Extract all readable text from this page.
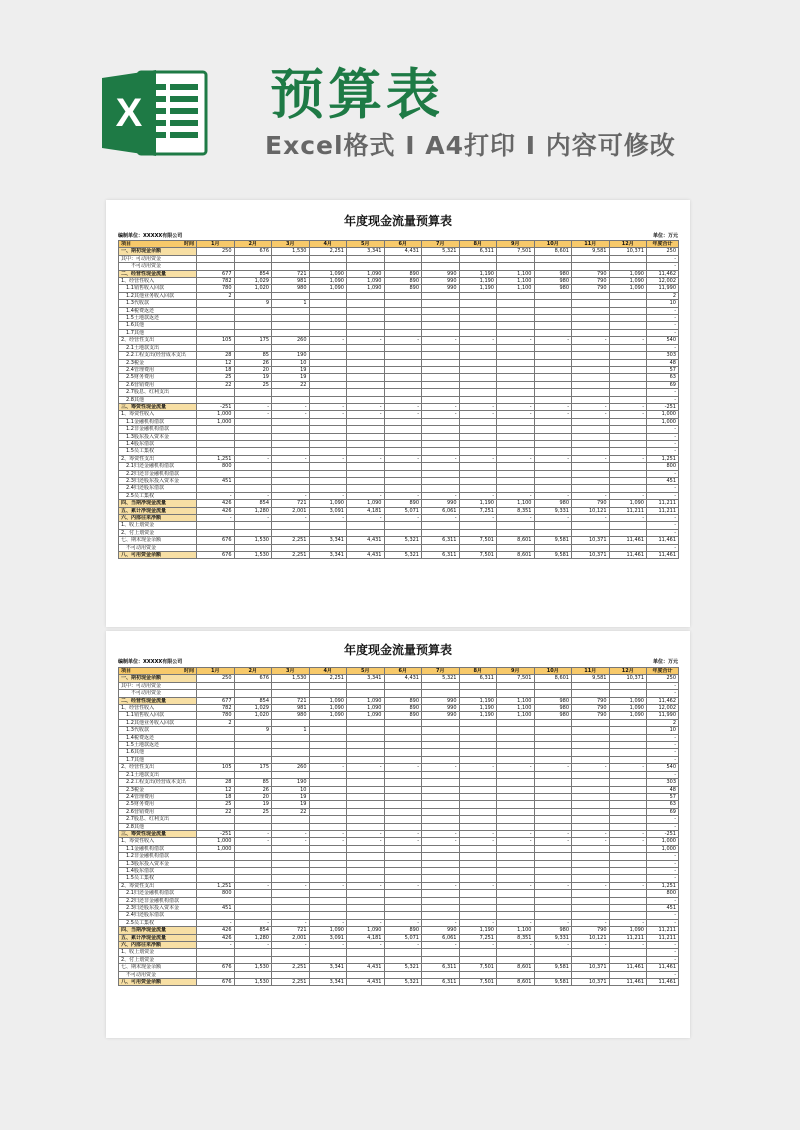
X 预算表
Excel格式 I A4打印 I 内容可修改
年度现金流量预算表
编制单位：XXXXX有限公司	单位：万元
项目 时间	1月	2月	3月	4月	5月	6月	7月	8月	9月	10月	11月	12月	年度合计
一、期初现金余额	250	676	1,530	2,251	3,341	4,431	5,321	6,311	7,501	8,601	9,581	10,371	250
其中：可动用资金													-
　　不可动用资金													-
二、经营性现金流量	677	854	721	1,090	1,090	890	990	1,190	1,100	980	790	1,090	11,462
1、经营性收入	782	1,029	981	1,090	1,090	890	990	1,190	1,100	980	790	1,090	12,002
　1.1销售收入回款	780	1,020	980	1,090	1,090	890	990	1,190	1,100	980	790	1,090	11,990
　1.2其他业务收入回款	2												2
　1.3代收款		9	1										10
　1.4税费返还													-
　1.5土地款返还													-
　1.6其他													-
　1.7其他													-
2、经营性支出	105	175	260	-	-	-	-	-	-	-	-	-	540
　2.1土地款支出													-
　2.2工程支出(经营成本支出	28	85	190										303
　2.3税金	12	26	10										48
　2.4管理费用	18	20	19										57
　2.5财务费用	25	19	19										63
　2.6营销费用	22	25	22										69
　2.7股息、红利支出													-
　2.8其他													-
三、筹资性现金流量	-251	-	-	-	-	-	-	-	-	-	-	-	-251
1、筹资性收入	1,000	-	-	-	-	-	-	-	-	-	-	-	1,000
　1.1金融机构借款	1,000												1,000
　1.2非金融机构借款													-
　1.3股东投入资本金													-
　1.4股东借款													-
　1.5员工集权													-
2、筹资性支出	1,251	-	-	-	-	-	-	-	-	-	-	-	1,251
　2.1归还金融机构借款	800												800
　2.2归还非金融机构借款													-
　2.3归还股东投入资本金	451												451
　2.4归还股东借款													-
　2.5员工集权	-	-	-	-	-	-	-	-	-	-	-	-	-
四、当期净现金流量	426	854	721	1,090	1,090	890	990	1,190	1,100	980	790	1,090	11,211
五、累计净现金流量	426	1,280	2,001	3,091	4,181	5,071	6,061	7,251	8,351	9,331	10,121	11,211	11,211
六、内部往来净额	-	-	-	-	-	-	-	-	-	-	-	-	-
1、收上划资金													-
2、付上划资金													-
七、期末现金余额	676	1,530	2,251	3,341	4,431	5,321	6,311	7,501	8,601	9,581	10,371	11,461	11,461
　不可动用资金													-
八、可用资金余额	676	1,530	2,251	3,341	4,431	5,321	6,311	7,501	8,601	9,581	10,371	11,461	11,461
年度现金流量预算表
编制单位：XXXXX有限公司	单位：万元
项目 时间	1月	2月	3月	4月	5月	6月	7月	8月	9月	10月	11月	12月	年度合计
一、期初现金余额	250	676	1,530	2,251	3,341	4,431	5,321	6,311	7,501	8,601	9,581	10,371	250
其中：可动用资金													-
　　不可动用资金													-
二、经营性现金流量	677	854	721	1,090	1,090	890	990	1,190	1,100	980	790	1,090	11,462
1、经营性收入	782	1,029	981	1,090	1,090	890	990	1,190	1,100	980	790	1,090	12,002
　1.1销售收入回款	780	1,020	980	1,090	1,090	890	990	1,190	1,100	980	790	1,090	11,990
　1.2其他业务收入回款	2												2
　1.3代收款		9	1										10
　1.4税费返还													-
　1.5土地款返还													-
　1.6其他													-
　1.7其他													-
2、经营性支出	105	175	260	-	-	-	-	-	-	-	-	-	540
　2.1土地款支出													-
　2.2工程支出(经营成本支出	28	85	190										303
　2.3税金	12	26	10										48
　2.4管理费用	18	20	19										57
　2.5财务费用	25	19	19										63
　2.6营销费用	22	25	22										69
　2.7股息、红利支出													-
　2.8其他													-
三、筹资性现金流量	-251	-	-	-	-	-	-	-	-	-	-	-	-251
1、筹资性收入	1,000	-	-	-	-	-	-	-	-	-	-	-	1,000
　1.1金融机构借款	1,000												1,000
　1.2非金融机构借款													-
　1.3股东投入资本金													-
　1.4股东借款													-
　1.5员工集权													-
2、筹资性支出	1,251	-	-	-	-	-	-	-	-	-	-	-	1,251
　2.1归还金融机构借款	800												800
　2.2归还非金融机构借款													-
　2.3归还股东投入资本金	451												451
　2.4归还股东借款													-
　2.5员工集权	-	-	-	-	-	-	-	-	-	-	-	-	-
四、当期净现金流量	426	854	721	1,090	1,090	890	990	1,190	1,100	980	790	1,090	11,211
五、累计净现金流量	426	1,280	2,001	3,091	4,181	5,071	6,061	7,251	8,351	9,331	10,121	11,211	11,211
六、内部往来净额	-	-	-	-	-	-	-	-	-	-	-	-	-
1、收上划资金													-
2、付上划资金													-
七、期末现金余额	676	1,530	2,251	3,341	4,431	5,321	6,311	7,501	8,601	9,581	10,371	11,461	11,461
　不可动用资金													-
八、可用资金余额	676	1,530	2,251	3,341	4,431	5,321	6,311	7,501	8,601	9,581	10,371	11,461	11,461
